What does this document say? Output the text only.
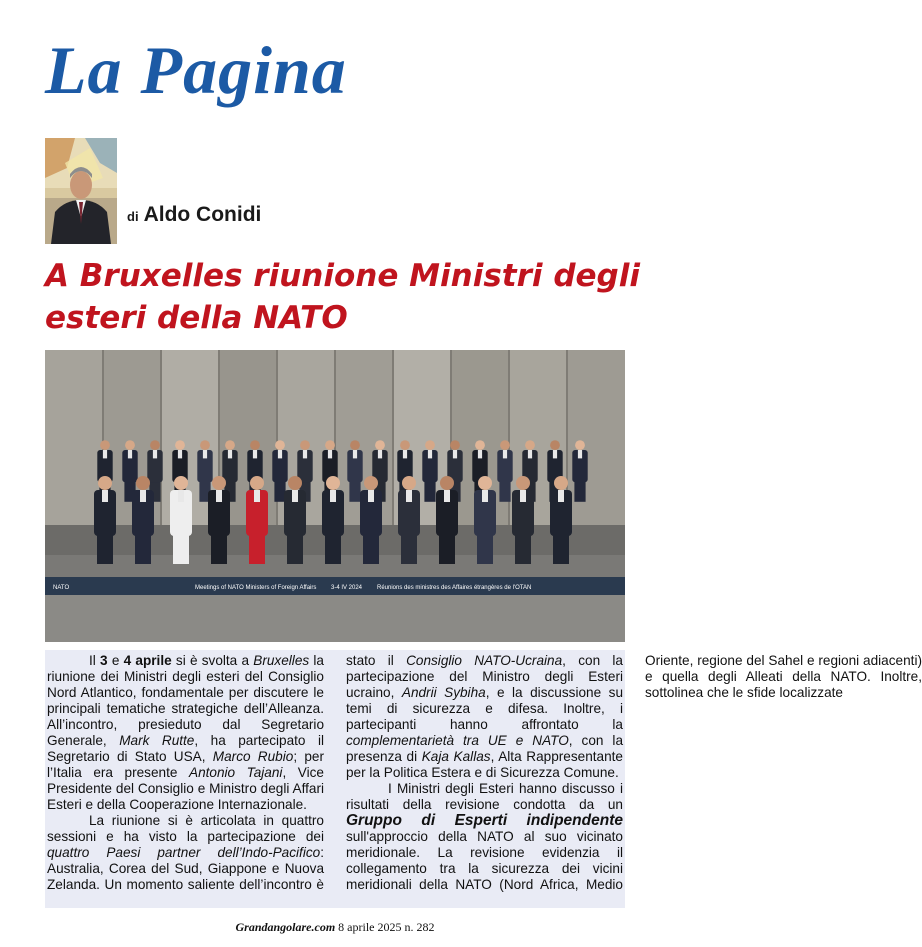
La Pagina
di Aldo Conidi
A Bruxelles riunione Ministri degli esteri della NATO
NATO	Meetings of NATO Ministers of Foreign Affairs 3-4 IV 2024 Réunions des ministres des Affaires étrangères de l'OTAN

Il 3 e 4 aprile si è svolta a Bruxelles la riunione dei Ministri degli esteri del Consiglio Nord Atlantico, fondamentale per discutere le principali tematiche strategiche dell’Alleanza. All’incontro, presieduto dal Segretario Generale, Mark Rutte, ha partecipato il Segretario di Stato USA, Marco Rubio; per l’Italia era presente Antonio Tajani, Vice Presidente del Consiglio e Ministro degli Affari Esteri e della Cooperazione Internazionale.

La riunione si è articolata in quattro sessioni e ha visto la partecipazione dei quattro Paesi partner dell’Indo-Pacifico: Australia, Corea del Sud, Giappone e Nuova Zelanda. Un momento saliente dell’incontro è stato il Consiglio NATO-Ucraina, con la partecipazione del Ministro degli Esteri ucraino, Andrii Sybiha, e la discussione su temi di sicurezza e difesa. Inoltre, i partecipanti hanno affrontato la complementarietà tra UE e NATO, con la presenza di Kaja Kallas, Alta Rappresentante per la Politica Estera e di Sicurezza Comune.

I Ministri degli Esteri hanno discusso i risultati della revisione condotta da un Gruppo di Esperti indipendente sull'approccio della NATO al suo vicinato meridionale. La revisione evidenzia il collegamento tra la sicurezza dei vicini meridionali della NATO (Nord Africa, Medio Oriente, regione del Sahel e regioni adiacenti) e quella degli Alleati della NATO. Inoltre, sottolinea che le sfide localizzate

Grandangolare.com 8 aprile 2025 n. 282
